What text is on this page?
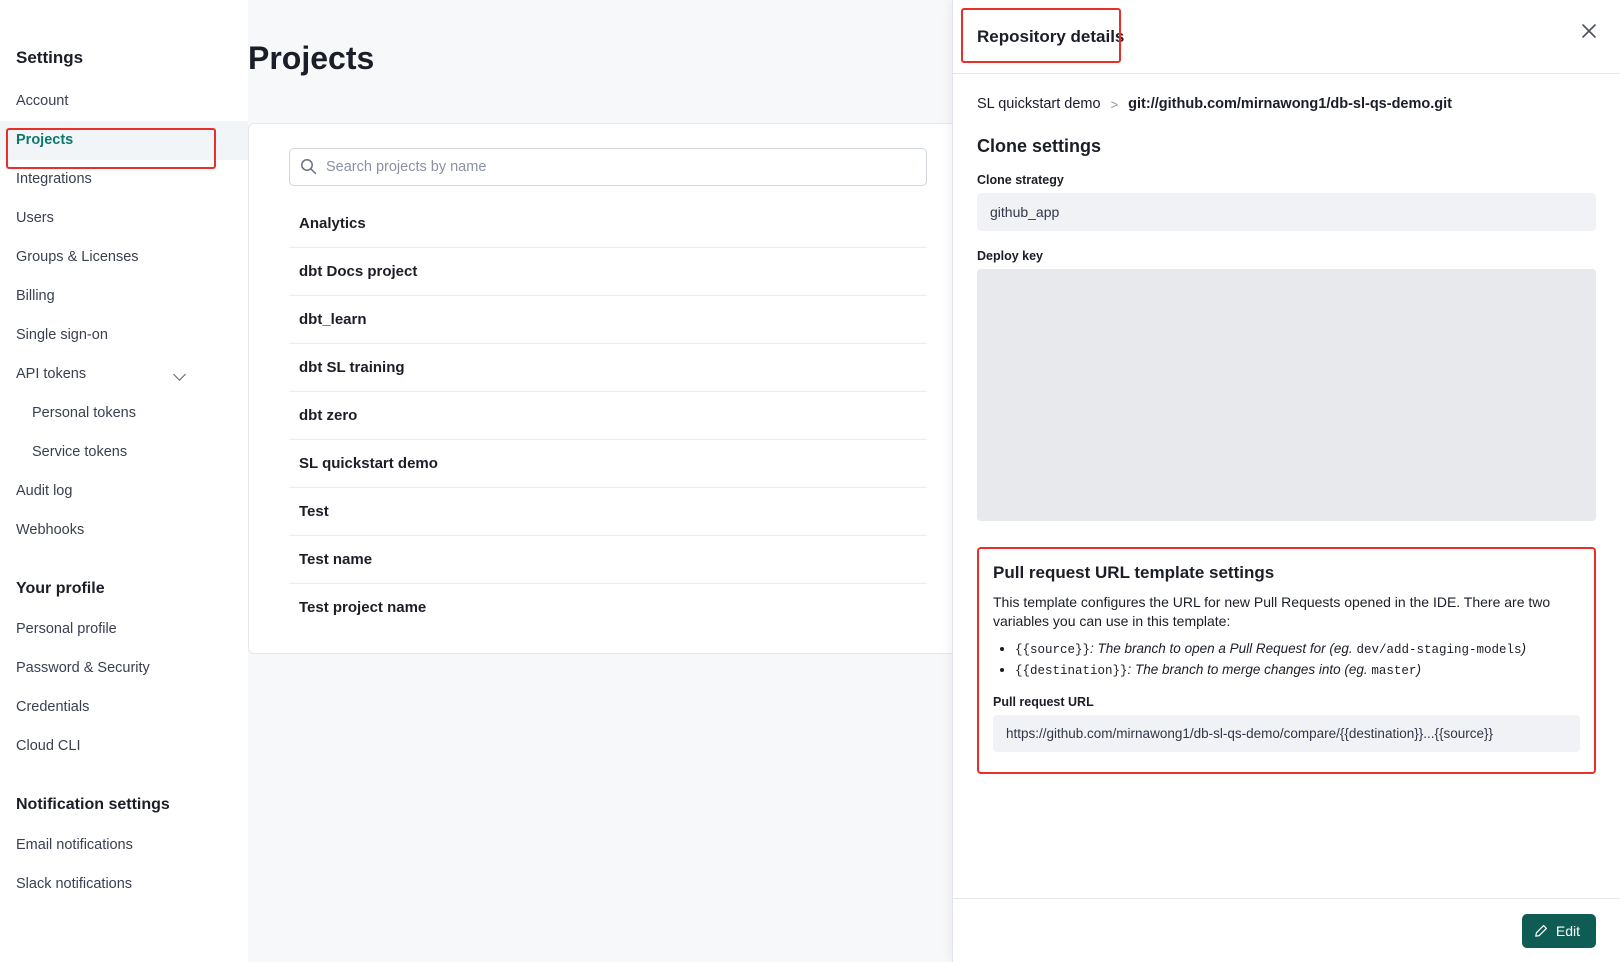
Settings
Account
Projects
Integrations
Users
Groups & Licenses
Billing
Single sign-on
API tokens
Personal tokens
Service tokens
Audit log
Webhooks
Your profile
Personal profile
Password & Security
Credentials
Cloud CLI
Notification settings
Email notifications
Slack notifications
Projects
Search projects by name
Analytics
dbt Docs project
dbt_learn
dbt SL training
dbt zero
SL quickstart demo
Test
Test name
Test project name
Repository details
SL quickstart demo > git://github.com/mirnawong1/db-sl-qs-demo.git
Clone settings
Clone strategy
github_app
Deploy key
Pull request URL template settings
This template configures the URL for new Pull Requests opened in the IDE. There are two variables you can use in this template:
• {{source}}: The branch to open a Pull Request for (eg. dev/add-staging-models)
• {{destination}}: The branch to merge changes into (eg. master)
Pull request URL
https://github.com/mirnawong1/db-sl-qs-demo/compare/{{destination}}...{{source}}
Edit
